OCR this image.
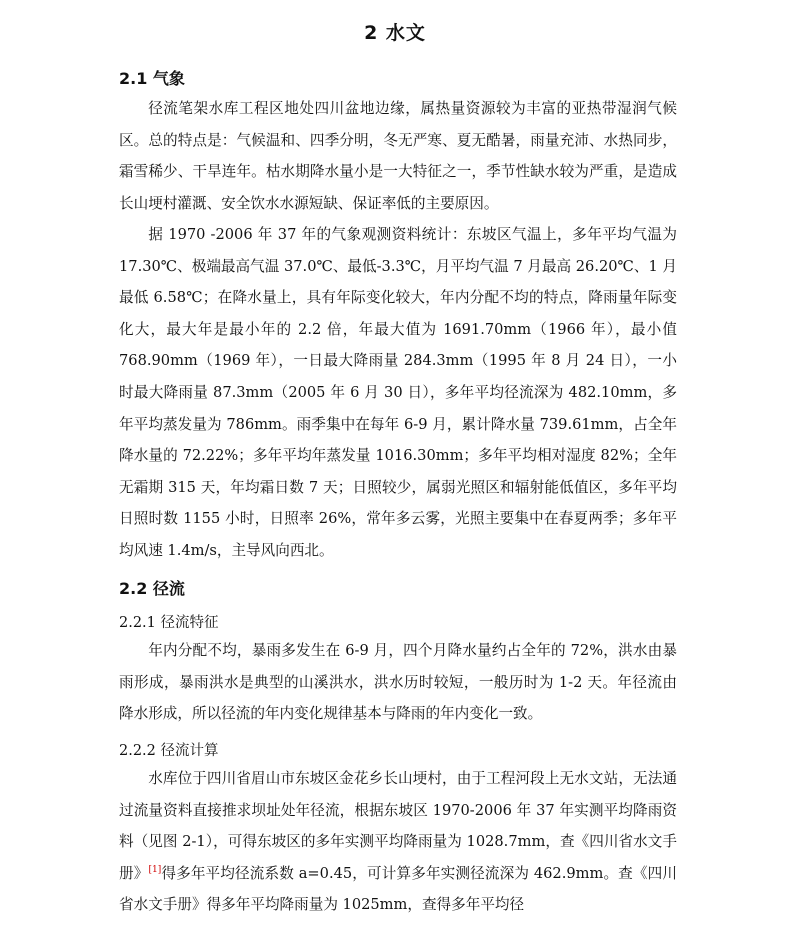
2 水文
2.1 气象

径流笔架水库工程区地处四川盆地边缘，属热量资源较为丰富的亚热带湿润气候区。总的特点是：气候温和、四季分明，冬无严寒、夏无酷暑，雨量充沛、水热同步，霜雪稀少、干旱连年。枯水期降水量小是一大特征之一，季节性缺水较为严重，是造成长山埂村灌溉、安全饮水水源短缺、保证率低的主要原因。

据 1970 -2006 年 37 年的气象观测资料统计：东坡区气温上，多年平均气温为 17.30℃、极端最高气温 37.0℃、最低-3.3℃，月平均气温 7 月最高 26.20℃、1 月最低 6.58℃；在降水量上，具有年际变化较大，年内分配不均的特点，降雨量年际变化大，最大年是最小年的 2.2 倍，年最大值为 1691.70mm（1966 年），最小值 768.90mm（1969 年），一日最大降雨量 284.3mm（1995 年 8 月 24 日），一小时最大降雨量 87.3mm（2005 年 6 月 30 日），多年平均径流深为 482.10mm，多年平均蒸发量为 786mm。雨季集中在每年 6-9 月，累计降水量 739.61mm，占全年降水量的 72.22%；多年平均年蒸发量 1016.30mm；多年平均相对湿度 82%；全年无霜期 315 天，年均霜日数 7 天；日照较少，属弱光照区和辐射能低值区，多年平均日照时数 1155 小时，日照率 26%，常年多云雾，光照主要集中在春夏两季；多年平均风速 1.4m/s，主导风向西北。

2.2 径流
2.2.1 径流特征

年内分配不均，暴雨多发生在 6-9 月，四个月降水量约占全年的 72%，洪水由暴雨形成，暴雨洪水是典型的山溪洪水，洪水历时较短，一般历时为 1-2 天。年径流由降水形成，所以径流的年内变化规律基本与降雨的年内变化一致。

2.2.2 径流计算

水库位于四川省眉山市东坡区金花乡长山埂村，由于工程河段上无水文站，无法通过流量资料直接推求坝址处年径流，根据东坡区 1970-2006 年 37 年实测平均降雨资料（见图 2-1），可得东坡区的多年实测平均降雨量为 1028.7mm，查《四川省水文手册》[1]得多年平均径流系数 a=0.45，可计算多年实测径流深为 462.9mm。查《四川省水文手册》得多年平均降雨量为 1025mm，查得多年平均径
